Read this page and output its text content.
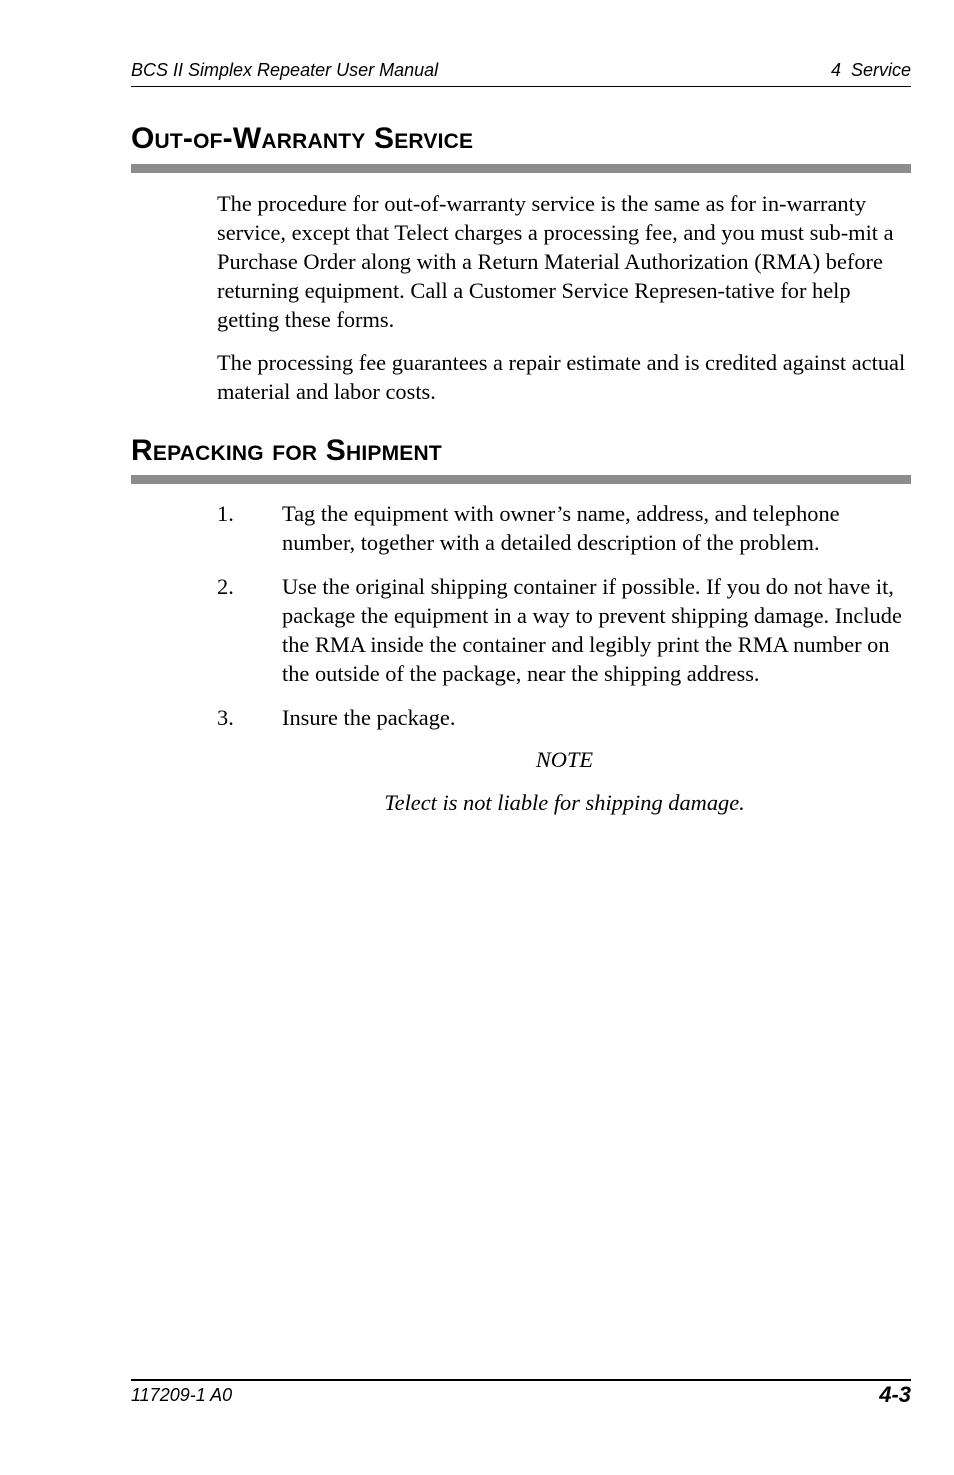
BCS II Simplex Repeater User Manual	4  Service
Out-of-Warranty Service

The procedure for out-of-warranty service is the same as for in-warranty service, except that Telect charges a processing fee, and you must sub-mit a Purchase Order along with a Return Material Authorization (RMA) before returning equipment. Call a Customer Service Represen-tative for help getting these forms.

The processing fee guarantees a repair estimate and is credited against actual material and labor costs.

Repacking for Shipment
1. Tag the equipment with owner’s name, address, and telephone number, together with a detailed description of the problem.
2. Use the original shipping container if possible. If you do not have it, package the equipment in a way to prevent shipping damage. Include the RMA inside the container and legibly print the RMA number on the outside of the package, near the shipping address.
3. Insure the package.
NOTE
Telect is not liable for shipping damage.
117209-1 A0	4-3
